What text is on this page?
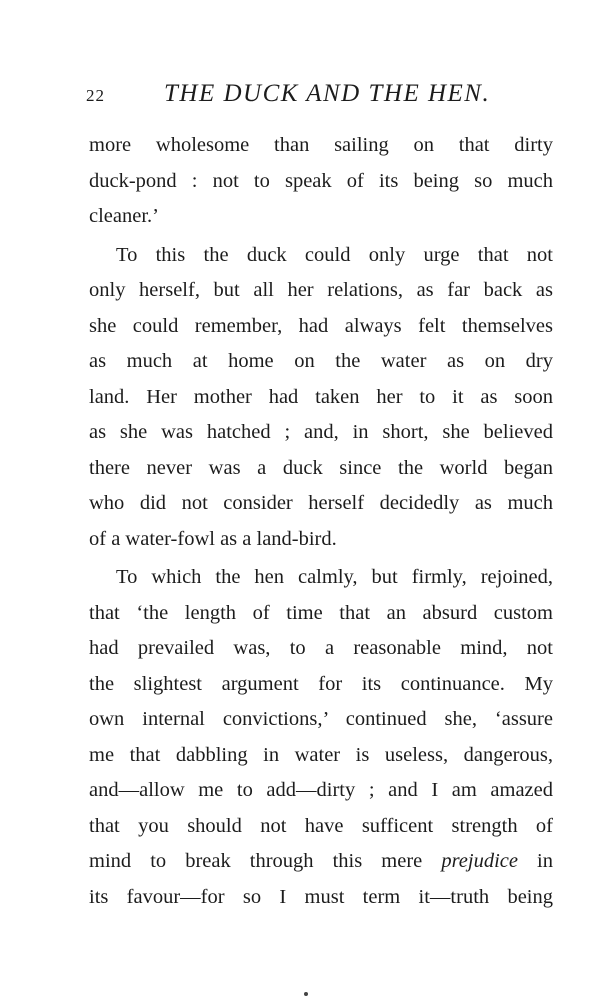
22 THE DUCK AND THE HEN.
more wholesome than sailing on that dirty
duck-pond : not to speak of its being so much
cleaner.’
To this the duck could only urge that not
only herself, but all her relations, as far back as
she could remember, had always felt themselves
as much at home on the water as on dry
land. Her mother had taken her to it as soon
as she was hatched ; and, in short, she believed
there never was a duck since the world began
who did not consider herself decidedly as much
of a water-fowl as a land-bird.
To which the hen calmly, but firmly, rejoined,
that ‘the length of time that an absurd custom
had prevailed was, to a reasonable mind, not
the slightest argument for its continuance. My
own internal convictions,’ continued she, ‘assure
me that dabbling in water is useless, dangerous,
and—allow me to add—dirty ; and I am amazed
that you should not have sufficent strength of
mind to break through this mere prejudice in
its favour—for so I must term it—truth being
